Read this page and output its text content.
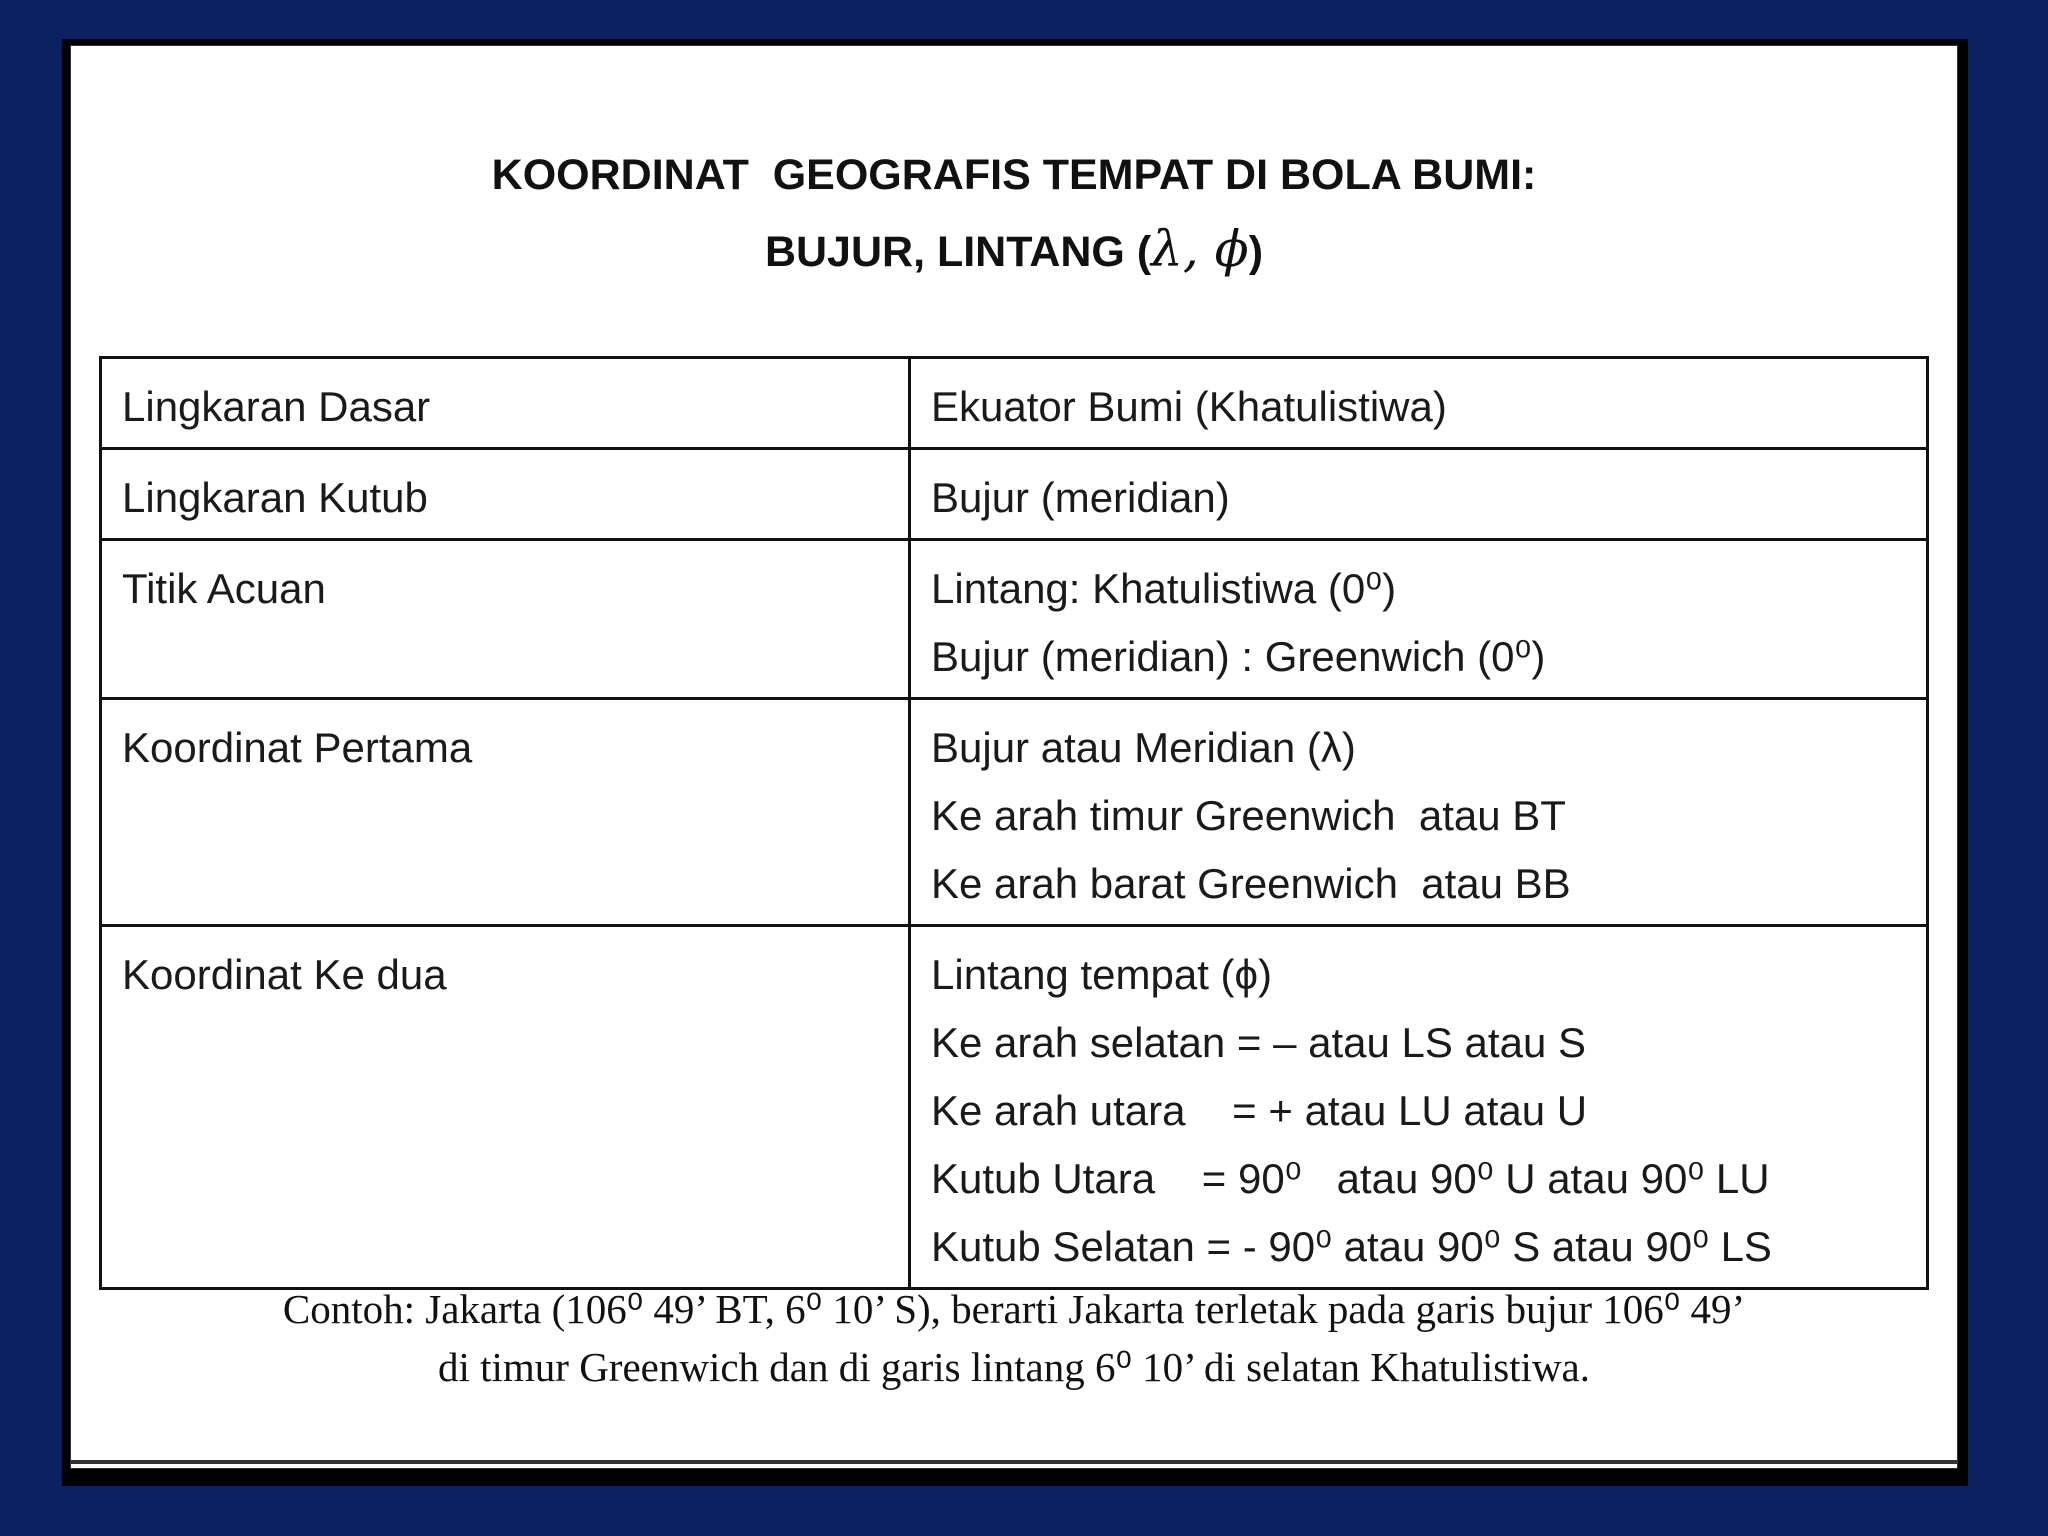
KOORDINAT  GEOGRAFIS TEMPAT DI BOLA BUMI:
BUJUR, LINTANG (λ, ϕ)
Lingkaran Dasar	Ekuator Bumi (Khatulistiwa)

Lingkaran Kutub	Bujur (meridian)

Titik Acuan	Lintang: Khatulistiwa (0⁰)
Bujur (meridian) : Greenwich (0⁰)

Koordinat Pertama	Bujur atau Meridian (λ)
Ke arah timur Greenwich  atau BT
Ke arah barat Greenwich  atau BB

Koordinat Ke dua	Lintang tempat (ϕ)
Ke arah selatan = – atau LS atau S
Ke arah utara    = + atau LU atau U
Kutub Utara    = 90⁰   atau 90⁰ U atau 90⁰ LU
Kutub Selatan = - 90⁰ atau 90⁰ S atau 90⁰ LS
Contoh: Jakarta (106⁰ 49’ BT, 6⁰ 10’ S), berarti Jakarta terletak pada garis bujur 106⁰ 49’
di timur Greenwich dan di garis lintang 6⁰ 10’ di selatan Khatulistiwa.
